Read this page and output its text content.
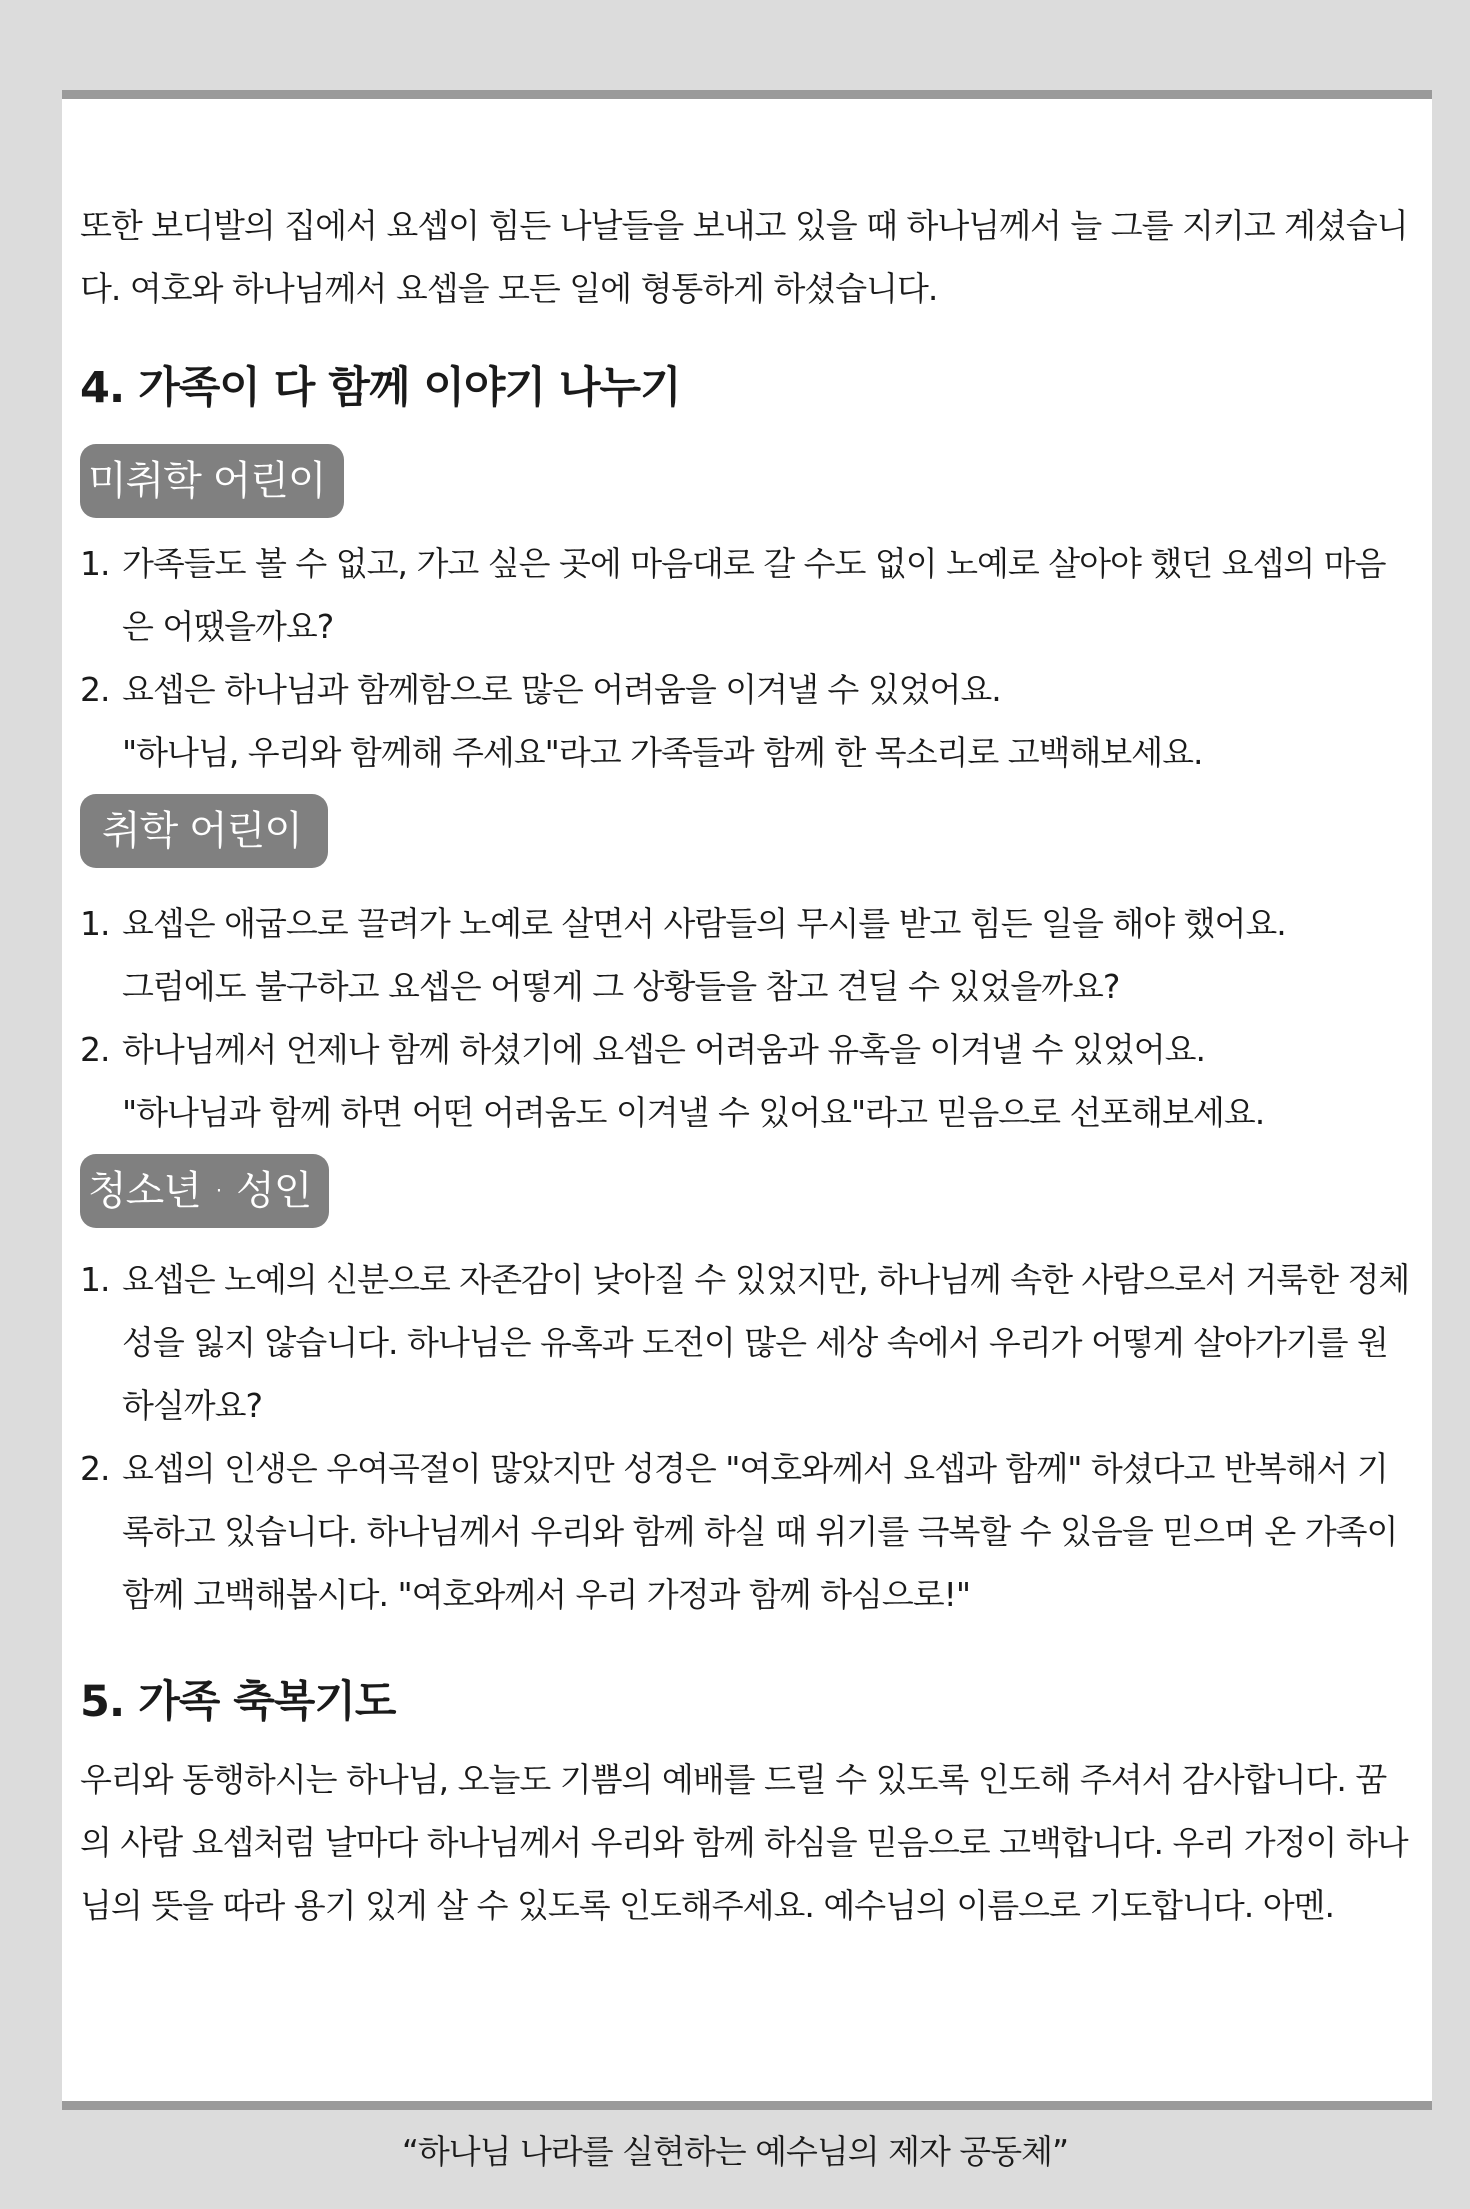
또한 보디발의 집에서 요셉이 힘든 나날들을 보내고 있을 때 하나님께서 늘 그를 지키고 계셨습니다. 여호와 하나님께서 요셉을 모든 일에 형통하게 하셨습니다.

4. 가족이 다 함께 이야기 나누기
미취학 어린이
1. 가족들도 볼 수 없고, 가고 싶은 곳에 마음대로 갈 수도 없이 노예로 살아야 했던 요셉의 마음은 어땠을까요?
2. 요셉은 하나님과 함께함으로 많은 어려움을 이겨낼 수 있었어요.
"하나님, 우리와 함께해 주세요"라고 가족들과 함께 한 목소리로 고백해보세요.
취학 어린이
1. 요셉은 애굽으로 끌려가 노예로 살면서 사람들의 무시를 받고 힘든 일을 해야 했어요.
그럼에도 불구하고 요셉은 어떻게 그 상황들을 참고 견딜 수 있었을까요?
2. 하나님께서 언제나 함께 하셨기에 요셉은 어려움과 유혹을 이겨낼 수 있었어요.
"하나님과 함께 하면 어떤 어려움도 이겨낼 수 있어요"라고 믿음으로 선포해보세요.
청소년 · 성인
1. 요셉은 노예의 신분으로 자존감이 낮아질 수 있었지만, 하나님께 속한 사람으로서 거룩한 정체성을 잃지 않습니다. 하나님은 유혹과 도전이 많은 세상 속에서 우리가 어떻게 살아가기를 원하실까요?
2. 요셉의 인생은 우여곡절이 많았지만 성경은 "여호와께서 요셉과 함께" 하셨다고 반복해서 기록하고 있습니다. 하나님께서 우리와 함께 하실 때 위기를 극복할 수 있음을 믿으며 온 가족이 함께 고백해봅시다. "여호와께서 우리 가정과 함께 하심으로!"
5. 가족 축복기도

우리와 동행하시는 하나님, 오늘도 기쁨의 예배를 드릴 수 있도록 인도해 주셔서 감사합니다. 꿈의 사람 요셉처럼 날마다 하나님께서 우리와 함께 하심을 믿음으로 고백합니다. 우리 가정이 하나님의 뜻을 따라 용기 있게 살 수 있도록 인도해주세요. 예수님의 이름으로 기도합니다. 아멘.

“하나님 나라를 실현하는 예수님의 제자 공동체”
